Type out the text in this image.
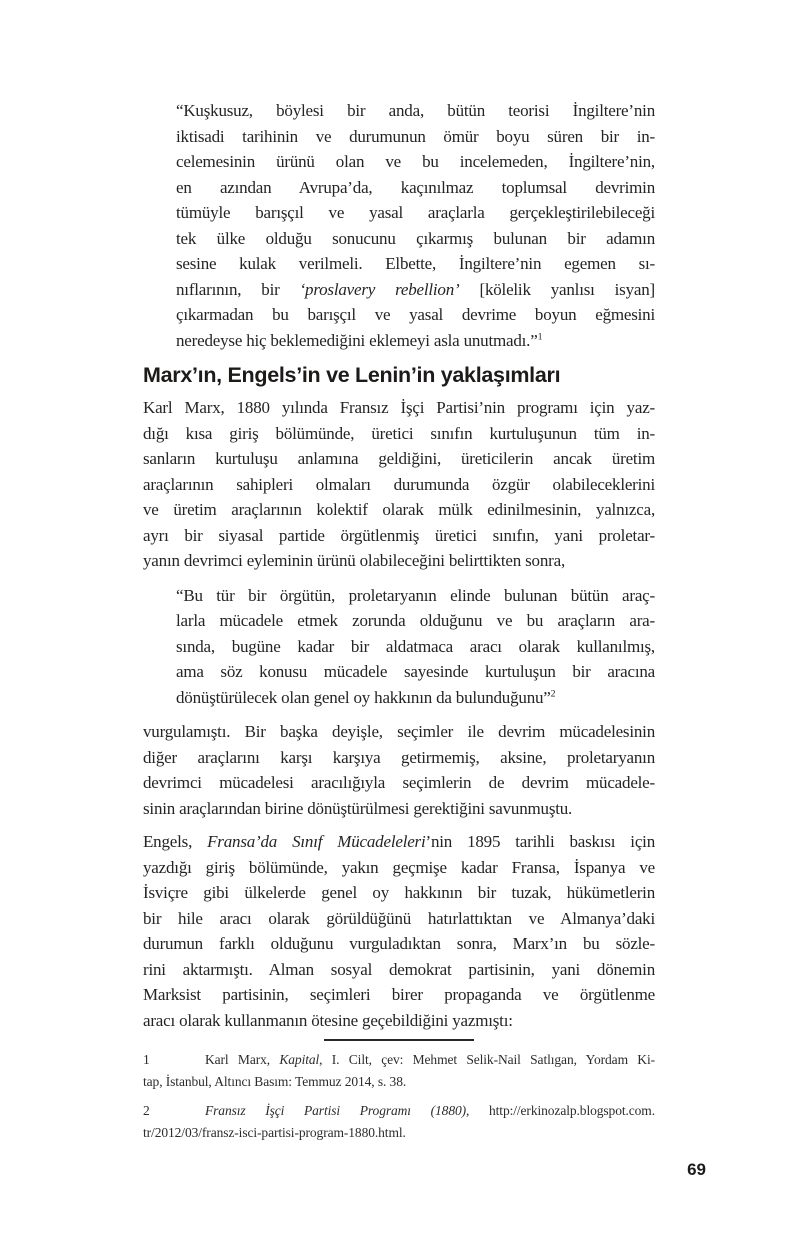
“Kuşkusuz, böylesi bir anda, bütün teorisi İngiltere’nin
iktisadi tarihinin ve durumunun ömür boyu süren bir in-
celemesinin ürünü olan ve bu incelemeden, İngiltere’nin,
en azından Avrupa’da, kaçınılmaz toplumsal devrimin
tümüyle barışçıl ve yasal araçlarla gerçekleştirilebileceği
tek ülke olduğu sonucunu çıkarmış bulunan bir adamın
sesine kulak verilmeli. Elbette, İngiltere’nin egemen sı-
nıflarının, bir ‘proslavery rebellion’ [kölelik yanlısı isyan]
çıkarmadan bu barışçıl ve yasal devrime boyun eğmesini
neredeyse hiç beklemediğini eklemeyi asla unutmadı.”$^1$
Marx’ın, Engels’in ve Lenin’in yaklaşımları
Karl Marx, 1880 yılında Fransız İşçi Partisi’nin programı için yaz-
dığı kısa giriş bölümünde, üretici sınıfın kurtuluşunun tüm in-
sanların kurtuluşu anlamına geldiğini, üreticilerin ancak üretim
araçlarının sahipleri olmaları durumunda özgür olabileceklerini
ve üretim araçlarının kolektif olarak mülk edinilmesinin, yalnızca,
ayrı bir siyasal partide örgütlenmiş üretici sınıfın, yani proletar-
yanın devrimci eyleminin ürünü olabileceğini belirttikten sonra,
“Bu tür bir örgütün, proletaryanın elinde bulunan bütün araç-
larla mücadele etmek zorunda olduğunu ve bu araçların ara-
sında, bugüne kadar bir aldatmaca aracı olarak kullanılmış,
ama söz konusu mücadele sayesinde kurtuluşun bir aracına
dönüştürülecek olan genel oy hakkının da bulunduğunu”$^2$
vurgulamıştı. Bir başka deyişle, seçimler ile devrim mücadelesinin
diğer araçlarını karşı karşıya getirmemiş, aksine, proletaryanın
devrimci mücadelesi aracılığıyla seçimlerin de devrim mücadele-
sinin araçlarından birine dönüştürülmesi gerektiğini savunmuştu.
Engels, Fransa’da Sınıf Mücadeleleri’nin 1895 tarihli baskısı için
yazdığı giriş bölümünde, yakın geçmişe kadar Fransa, İspanya ve
İsviçre gibi ülkelerde genel oy hakkının bir tuzak, hükümetlerin
bir hile aracı olarak görüldüğünü hatırlattıktan ve Almanya’daki
durumun farklı olduğunu vurguladıktan sonra, Marx’ın bu sözle-
rini aktarmıştı. Alman sosyal demokrat partisinin, yani dönemin
Marksist partisinin, seçimleri birer propaganda ve örgütlenme
aracı olarak kullanmanın ötesine geçebildiğini yazmıştı:
1	Karl Marx, Kapital, I. Cilt, çev: Mehmet Selik-Nail Satlıgan, Yordam Ki-
tap, İstanbul, Altıncı Basım: Temmuz 2014, s. 38.
2	Fransız İşçi Partisi Programı (1880), http://erkinozalp.blogspot.com.
tr/2012/03/fransz-isci-partisi-program-1880.html.
69
